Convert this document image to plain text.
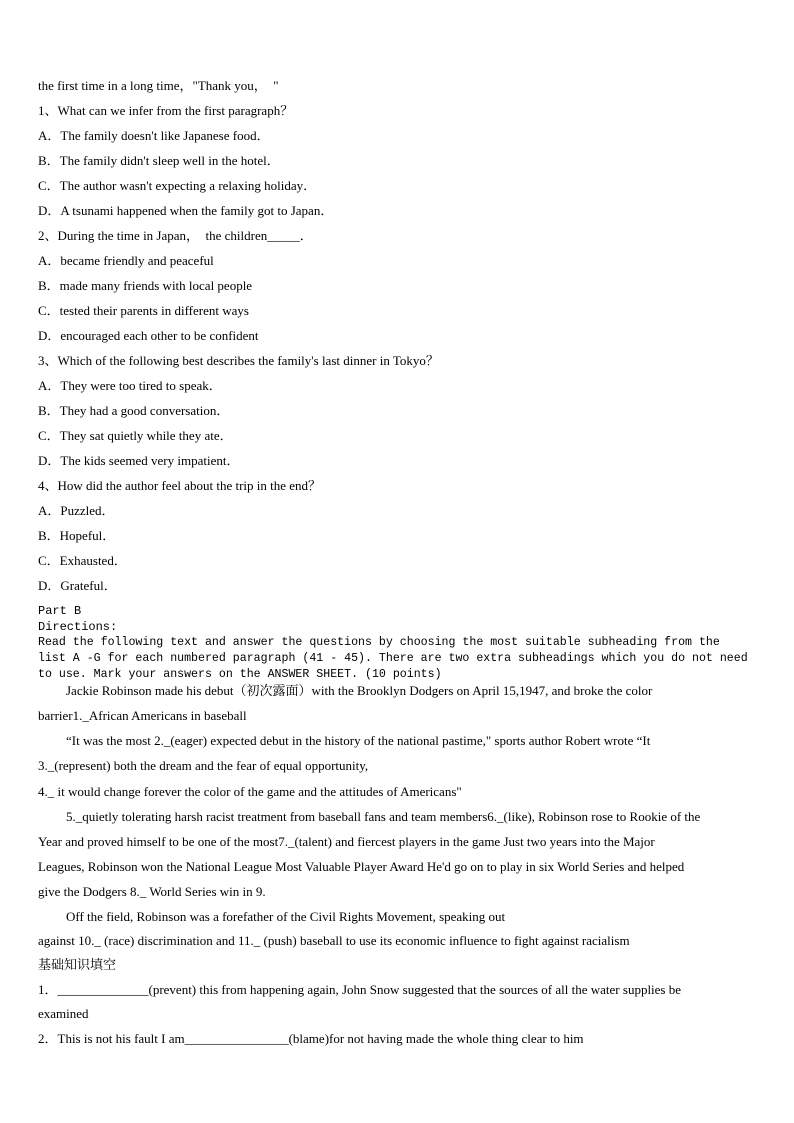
the first time in a long time，"Thank you，  "
1、What can we infer from the first paragraph？
A．The family doesn't like Japanese food．
B．The family didn't sleep well in the hotel．
C．The author wasn't expecting a relaxing holiday．
D．A tsunami happened when the family got to Japan．
2、During the time in Japan，  the children_____．
A．became friendly and peaceful
B．made many friends with local people
C．tested their parents in different ways
D．encouraged each other to be confident
3、Which of the following best describes the family's last dinner in Tokyo？
A．They were too tired to speak．
B．They had a good conversation．
C．They sat quietly while they ate．
D．The kids seemed very impatient．
4、How did the author feel about the trip in the end？
A．Puzzled．
B．Hopeful．
C．Exhausted．
D．Grateful．
Part B
Directions:
Read the following text and answer the questions by choosing the most suitable subheading from the
list A -G for each numbered paragraph (41 - 45). There are two extra subheadings which you do not need
to use. Mark your answers on the ANSWER SHEET. (10 points)
Jackie Robinson made his debut（初次露面）with the Brooklyn Dodgers on April 15,1947, and broke the color
barrier1._African Americans in baseball
“It was the most 2._(eager) expected debut in the history of the national pastime," sports author Robert wrote “It
3._(represent) both the dream and the fear of equal opportunity,
4._ it would change forever the color of the game and the attitudes of Americans"
5._quietly tolerating harsh racist treatment from baseball fans and team members6._(like), Robinson rose to Rookie of the
Year and proved himself to be one of the most7._(talent) and fiercest players in the game Just two years into the Major
Leagues, Robinson won the National League Most Valuable Player Award He'd go on to play in six World Series and helped
give the Dodgers 8._ World Series win in 9.
Off the field, Robinson was a forefather of the Civil Rights Movement, speaking out
against 10._ (race) discrimination and 11._ (push) baseball to use its economic influence to fight against racialism
基础知识填空
1．______________(prevent) this from happening again, John Snow suggested that the sources of all the water supplies be
examined
2．This is not his fault I am________________(blame)for not having made the whole thing clear to him
